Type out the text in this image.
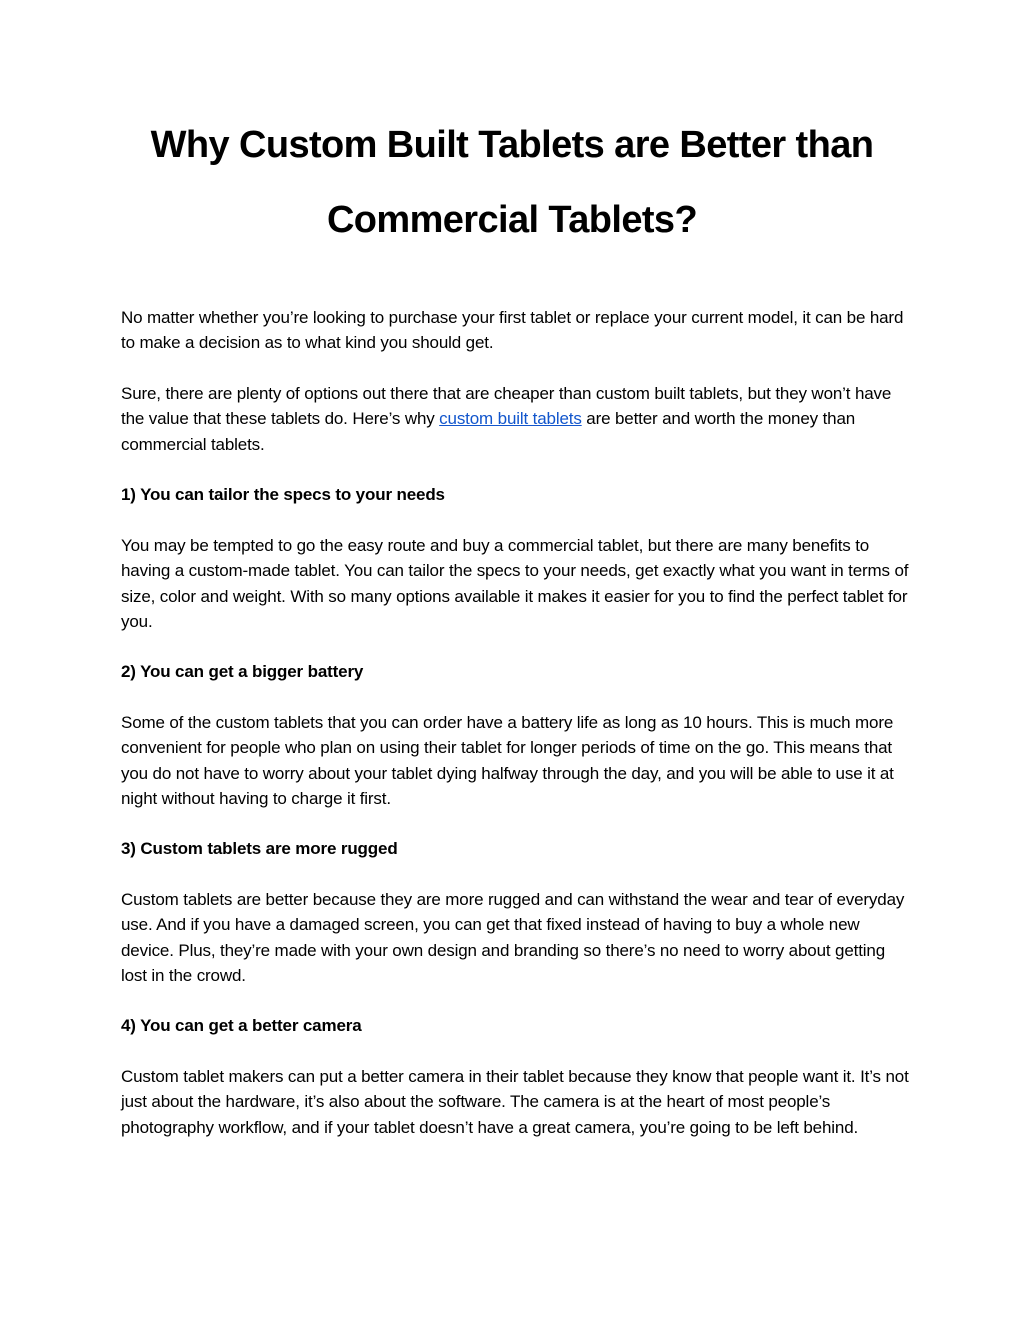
Why Custom Built Tablets are Better than Commercial Tablets?

No matter whether you’re looking to purchase your first tablet or replace your current model, it can be hard to make a decision as to what kind you should get.

Sure, there are plenty of options out there that are cheaper than custom built tablets, but they won’t have the value that these tablets do. Here’s why custom built tablets are better and worth the money than commercial tablets.

1) You can tailor the specs to your needs

You may be tempted to go the easy route and buy a commercial tablet, but there are many benefits to having a custom-made tablet. You can tailor the specs to your needs, get exactly what you want in terms of size, color and weight. With so many options available it makes it easier for you to find the perfect tablet for you.

2) You can get a bigger battery

Some of the custom tablets that you can order have a battery life as long as 10 hours. This is much more convenient for people who plan on using their tablet for longer periods of time on the go. This means that you do not have to worry about your tablet dying halfway through the day, and you will be able to use it at night without having to charge it first.

3) Custom tablets are more rugged

Custom tablets are better because they are more rugged and can withstand the wear and tear of everyday use. And if you have a damaged screen, you can get that fixed instead of having to buy a whole new device. Plus, they’re made with your own design and branding so there’s no need to worry about getting lost in the crowd.

4) You can get a better camera

Custom tablet makers can put a better camera in their tablet because they know that people want it. It’s not just about the hardware, it’s also about the software. The camera is at the heart of most people’s photography workflow, and if your tablet doesn’t have a great camera, you’re going to be left behind.
